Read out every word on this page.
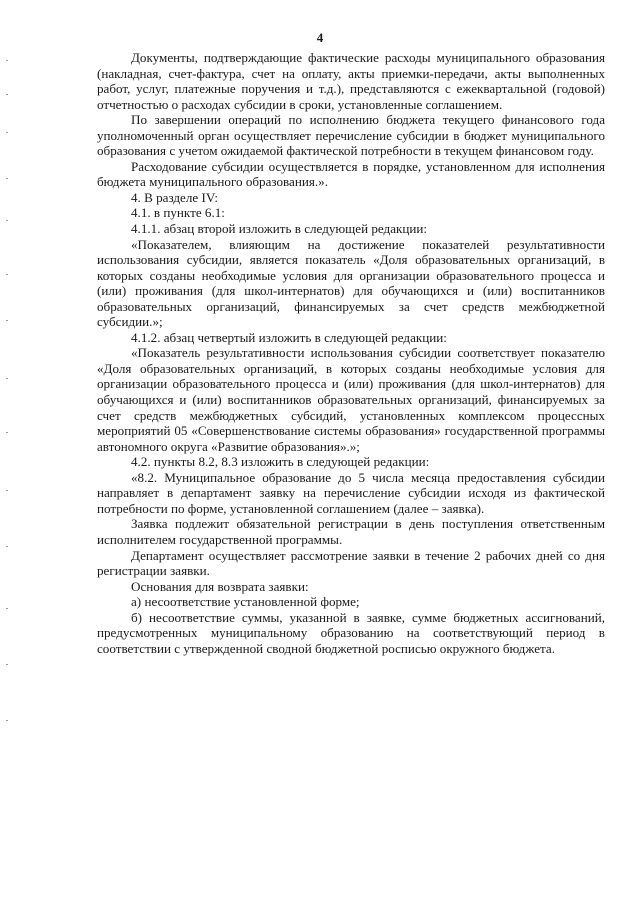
4

Документы, подтверждающие фактические расходы муниципального образования (накладная, счет-фактура, счет на оплату, акты приемки-передачи, акты выполненных работ, услуг, платежные поручения и т.д.), представляются с ежеквартальной (годовой) отчетностью о расходах субсидии в сроки, установленные соглашением.

По завершении операций по исполнению бюджета текущего финансового года уполномоченный орган осуществляет перечисление субсидии в бюджет муниципального образования с учетом ожидаемой фактической потребности в текущем финансовом году.

Расходование субсидии осуществляется в порядке, установленном для исполнения бюджета муниципального образования.».

4. В разделе IV:

4.1. в пункте 6.1:

4.1.1. абзац второй изложить в следующей редакции:

«Показателем, влияющим на достижение показателей результативности использования субсидии, является показатель «Доля образовательных организаций, в которых созданы необходимые условия для организации образовательного процесса и (или) проживания (для школ-интернатов) для обучающихся и (или) воспитанников образовательных организаций, финансируемых за счет средств межбюджетной субсидии.»;

4.1.2. абзац четвертый изложить в следующей редакции:

«Показатель результативности использования субсидии соответствует показателю «Доля образовательных организаций, в которых созданы необходимые условия для организации образовательного процесса и (или) проживания (для школ-интернатов) для обучающихся и (или) воспитанников образовательных организаций, финансируемых за счет средств межбюджетных субсидий, установленных комплексом процессных мероприятий 05 «Совершенствование системы образования» государственной программы автономного округа «Развитие образования».»;

4.2. пункты 8.2, 8.3 изложить в следующей редакции:

«8.2. Муниципальное образование до 5 числа месяца предоставления субсидии направляет в департамент заявку на перечисление субсидии исходя из фактической потребности по форме, установленной соглашением (далее – заявка).

Заявка подлежит обязательной регистрации в день поступления ответственным исполнителем государственной программы.

Департамент осуществляет рассмотрение заявки в течение 2 рабочих дней со дня регистрации заявки.

Основания для возврата заявки:

а) несоответствие установленной форме;

б) несоответствие суммы, указанной в заявке, сумме бюджетных ассигнований, предусмотренных муниципальному образованию на соответствующий период в соответствии с утвержденной сводной бюджетной росписью окружного бюджета.
